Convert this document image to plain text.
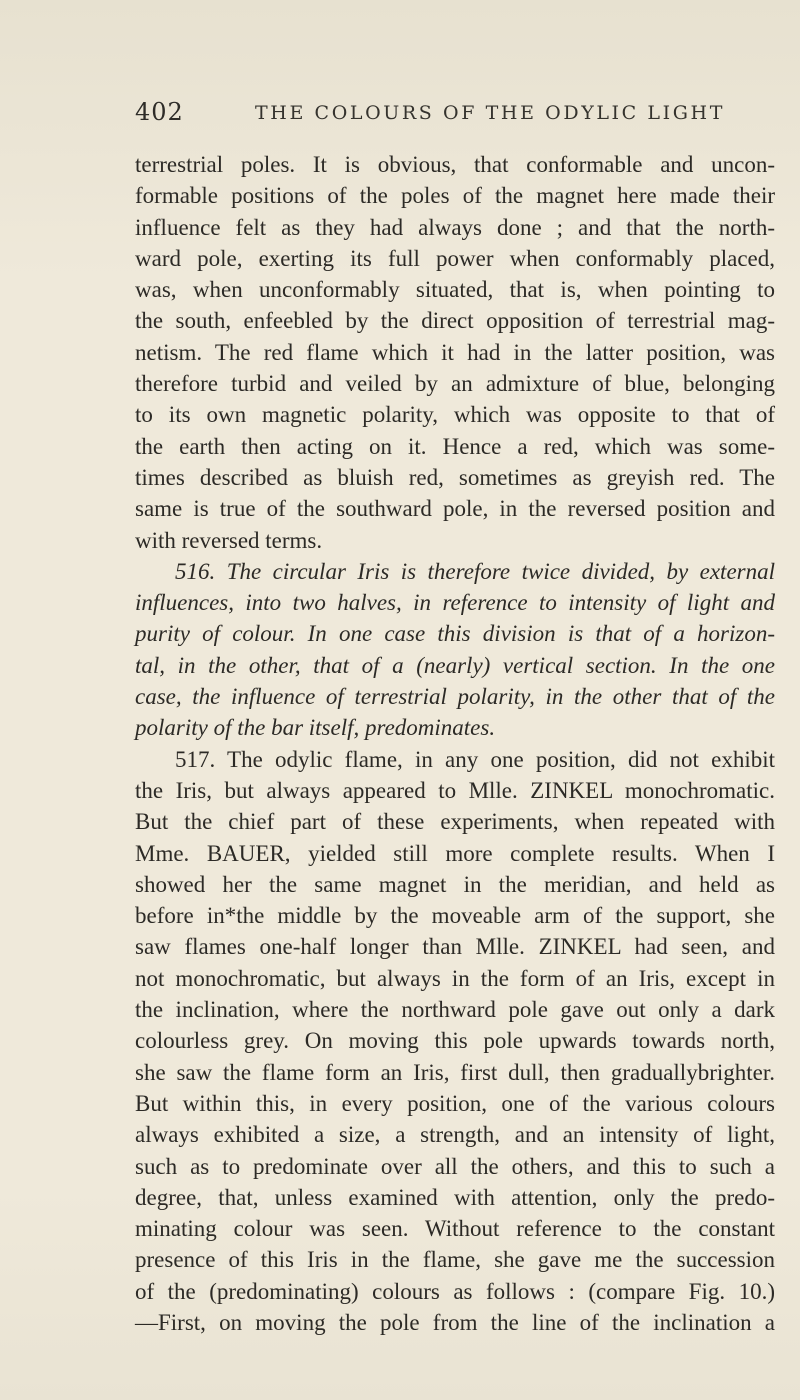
402	THE COLOURS OF THE ODYLIC LIGHT
terrestrial poles. It is obvious, that conformable and uncon-
formable positions of the poles of the magnet here made their
influence felt as they had always done ; and that the north-
ward pole, exerting its full power when conformably placed,
was, when unconformably situated, that is, when pointing to
the south, enfeebled by the direct opposition of terrestrial mag-
netism. The red flame which it had in the latter position, was
therefore turbid and veiled by an admixture of blue, belonging
to its own magnetic polarity, which was opposite to that of
the earth then acting on it. Hence a red, which was some-
times described as bluish red, sometimes as greyish red. The
same is true of the southward pole, in the reversed position and
with reversed terms.
516. The circular Iris is therefore twice divided, by external
influences, into two halves, in reference to intensity of light and
purity of colour. In one case this division is that of a horizon-
tal, in the other, that of a (nearly) vertical section. In the one
case, the influence of terrestrial polarity, in the other that of the
polarity of the bar itself, predominates.
517. The odylic flame, in any one position, did not exhibit
the Iris, but always appeared to Mlle. ZINKEL monochromatic.
But the chief part of these experiments, when repeated with
Mme. BAUER, yielded still more complete results. When I
showed her the same magnet in the meridian, and held as
before in*the middle by the moveable arm of the support, she
saw flames one-half longer than Mlle. ZINKEL had seen, and
not monochromatic, but always in the form of an Iris, except in
the inclination, where the northward pole gave out only a dark
colourless grey. On moving this pole upwards towards north,
she saw the flame form an Iris, first dull, then graduallybrighter.
But within this, in every position, one of the various colours
always exhibited a size, a strength, and an intensity of light,
such as to predominate over all the others, and this to such a
degree, that, unless examined with attention, only the predo-
minating colour was seen. Without reference to the constant
presence of this Iris in the flame, she gave me the succession
of the (predominating) colours as follows : (compare Fig. 10.)
—First, on moving the pole from the line of the inclination a
